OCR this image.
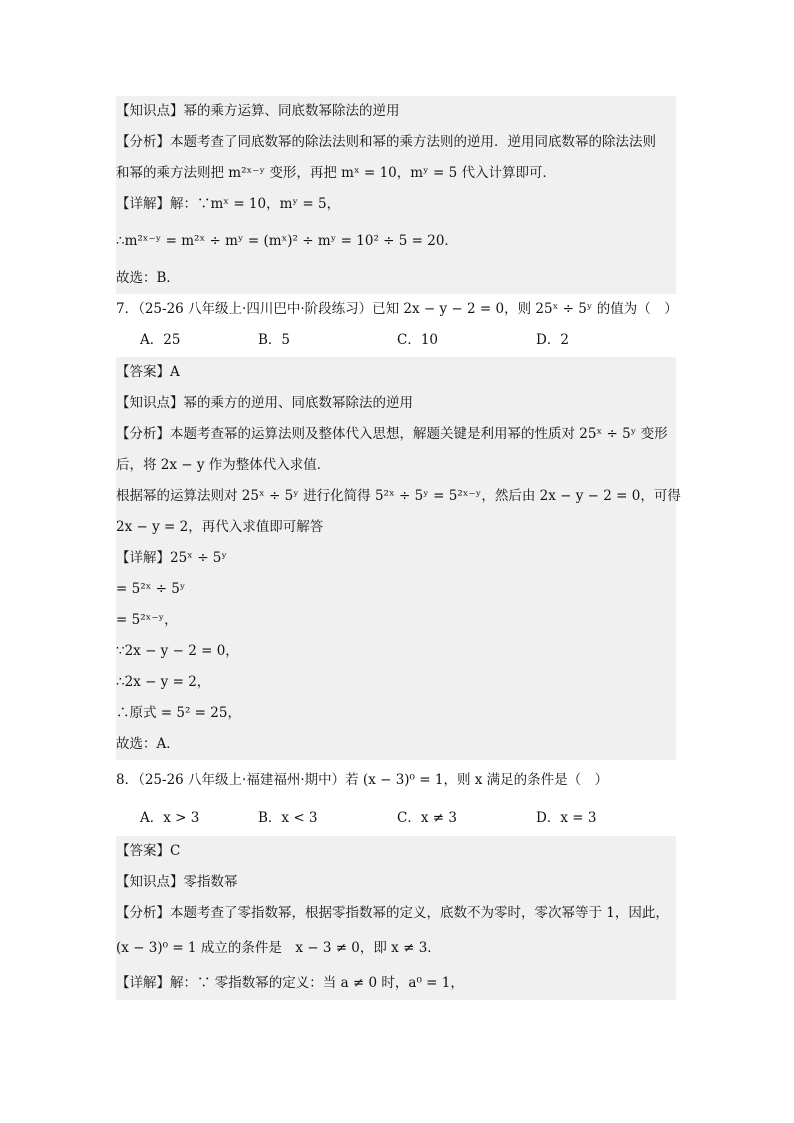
【知识点】幂的乘方运算、同底数幂除法的逆用
【分析】本题考查了同底数幂的除法法则和幂的乘方法则的逆用．逆用同底数幂的除法法则
和幂的乘方法则把 m²ˣ⁻ʸ 变形，再把 mˣ = 10，mʸ = 5 代入计算即可．
【详解】解：∵mˣ = 10，mʸ = 5，
∴m²ˣ⁻ʸ = m²ˣ ÷ mʸ = (mˣ)² ÷ mʸ = 10² ÷ 5 = 20．
故选：B．
7．（25-26 八年级上·四川巴中·阶段练习）已知 2x − y − 2 = 0，则 25ˣ ÷ 5ʸ 的值为（　）
A．25	B．5	C．10	D．2
【答案】A
【知识点】幂的乘方的逆用、同底数幂除法的逆用
【分析】本题考查幂的运算法则及整体代入思想，解题关键是利用幂的性质对 25ˣ ÷ 5ʸ 变形
后，将 2x − y 作为整体代入求值．
根据幂的运算法则对 25ˣ ÷ 5ʸ 进行化简得 5²ˣ ÷ 5ʸ = 5²ˣ⁻ʸ，然后由 2x − y − 2 = 0，可得
2x − y = 2，再代入求值即可解答
【详解】25ˣ ÷ 5ʸ
= 5²ˣ ÷ 5ʸ
= 5²ˣ⁻ʸ，
∵2x − y − 2 = 0，
∴2x − y = 2，
∴原式 = 5² = 25，
故选：A．
8．（25-26 八年级上·福建福州·期中）若 (x − 3)⁰ = 1，则 x 满足的条件是（　）
A．x > 3	B．x < 3	C．x ≠ 3	D．x = 3
【答案】C
【知识点】零指数幂
【分析】本题考查了零指数幂，根据零指数幂的定义，底数不为零时，零次幂等于 1，因此，
(x − 3)⁰ = 1 成立的条件是　x − 3 ≠ 0，即 x ≠ 3．
【详解】解：∵ 零指数幂的定义：当 a ≠ 0 时，a⁰ = 1，
